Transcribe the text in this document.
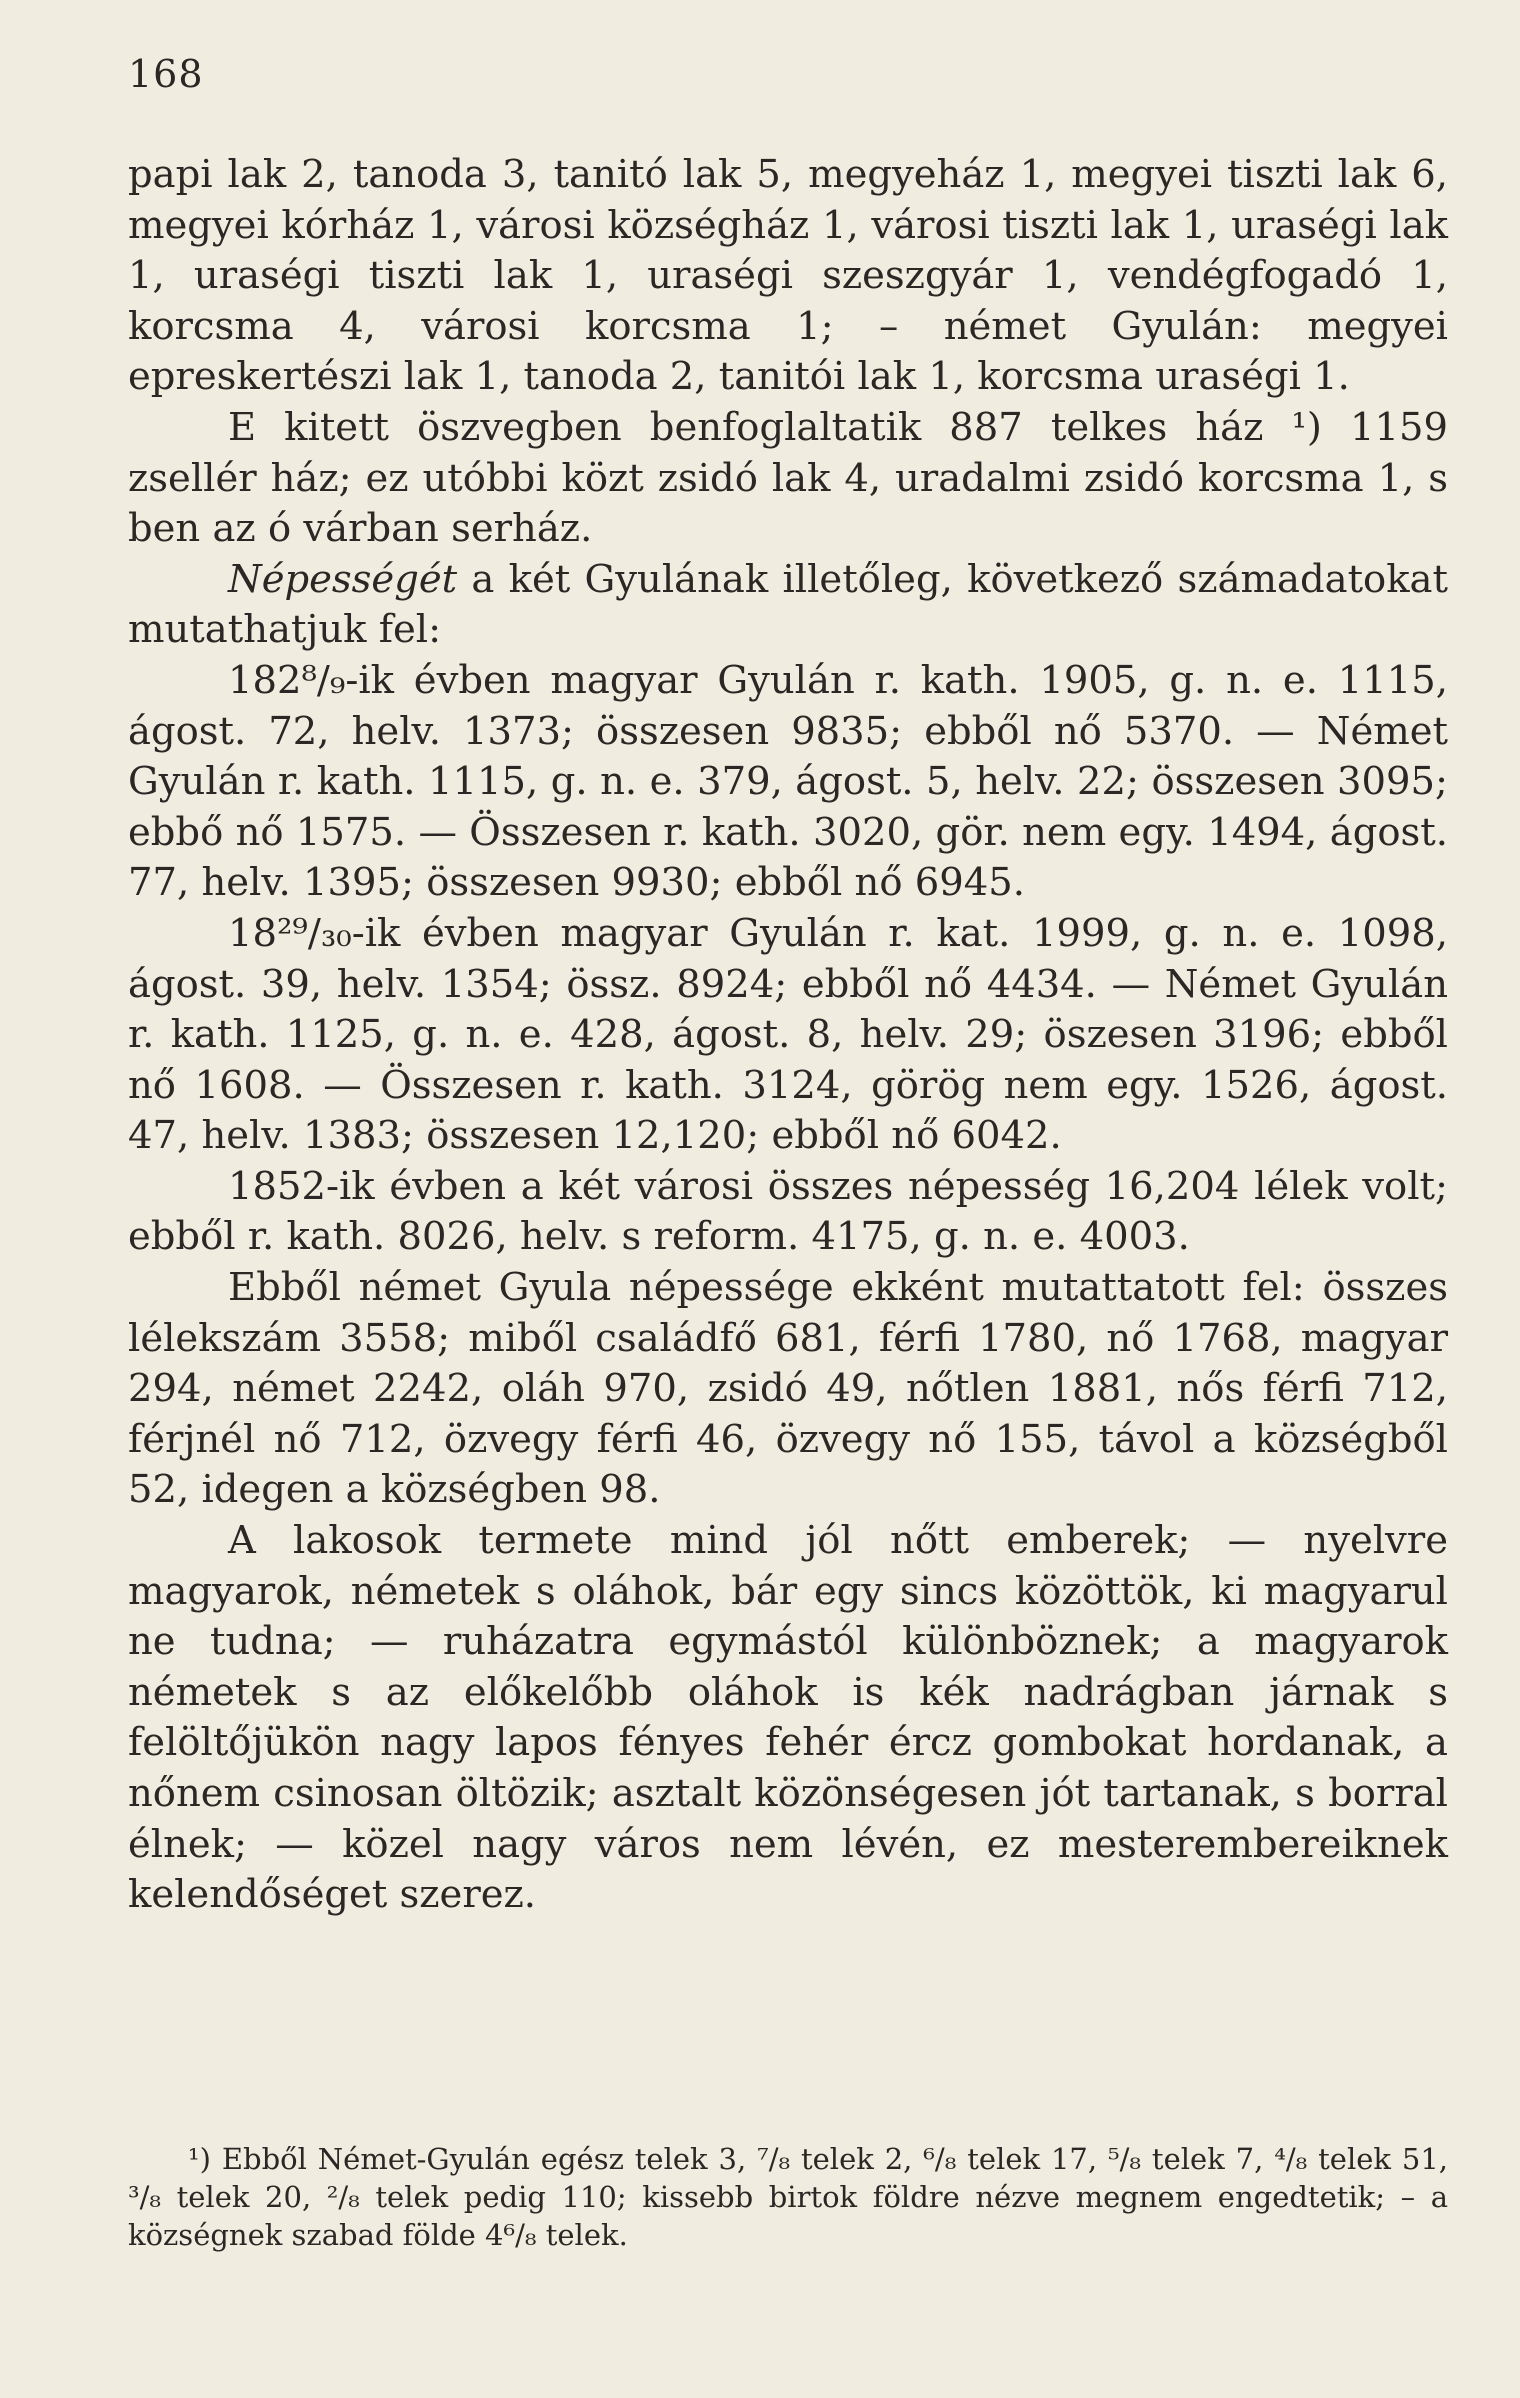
168

papi lak 2, tanoda 3, tanitó lak 5, megyeház 1, megyei tiszti lak 6, megyei kórház 1, városi községház 1, városi tiszti lak 1, uraségi lak 1, uraségi tiszti lak 1, uraségi szeszgyár 1, vendégfogadó 1, korcsma 4, városi korcsma 1; – német Gyulán: megyei epreskertészi lak 1, tanoda 2, tanitói lak 1, korcsma uraségi 1.

E kitett öszvegben benfoglaltatik 887 telkes ház ¹) 1159 zsellér ház; ez utóbbi közt zsidó lak 4, uradalmi zsidó korcsma 1, s ben az ó várban serház.

Népességét a két Gyulának illetőleg, következő számadatokat mutathatjuk fel:

182⁸/₉-ik évben magyar Gyulán r. kath. 1905, g. n. e. 1115, ágost. 72, helv. 1373; összesen 9835; ebből nő 5370. — Német Gyulán r. kath. 1115, g. n. e. 379, ágost. 5, helv. 22; összesen 3095; ebbő nő 1575. — Összesen r. kath. 3020, gör. nem egy. 1494, ágost. 77, helv. 1395; összesen 9930; ebből nő 6945.

18²⁹/₃₀-ik évben magyar Gyulán r. kat. 1999, g. n. e. 1098, ágost. 39, helv. 1354; össz. 8924; ebből nő 4434. — Német Gyulán r. kath. 1125, g. n. e. 428, ágost. 8, helv. 29; öszesen 3196; ebből nő 1608. — Összesen r. kath. 3124, görög nem egy. 1526, ágost. 47, helv. 1383; összesen 12,120; ebből nő 6042.

1852-ik évben a két városi összes népesség 16,204 lélek volt; ebből r. kath. 8026, helv. s reform. 4175, g. n. e. 4003.

Ebből német Gyula népessége ekként mutattatott fel: összes lélekszám 3558; miből családfő 681, férfi 1780, nő 1768, magyar 294, német 2242, oláh 970, zsidó 49, nőtlen 1881, nős férfi 712, férjnél nő 712, özvegy férfi 46, özvegy nő 155, távol a községből 52, idegen a községben 98.

A lakosok termete mind jól nőtt emberek; — nyelvre magyarok, németek s oláhok, bár egy sincs közöttök, ki magyarul ne tudna; — ruházatra egymástól különböznek; a magyarok németek s az előkelőbb oláhok is kék nadrágban járnak s felöltőjükön nagy lapos fényes fehér ércz gombokat hordanak, a nőnem csinosan öltözik; asztalt közönségesen jót tartanak, s borral élnek; — közel nagy város nem lévén, ez mesterembereiknek kelendőséget szerez.

¹) Ebből Német-Gyulán egész telek 3, ⁷/₈ telek 2, ⁶/₈ telek 17, ⁵/₈ telek 7, ⁴/₈ telek 51, ³/₈ telek 20, ²/₈ telek pedig 110; kissebb birtok földre nézve megnem engedtetik; – a községnek szabad földe 4⁶/₈ telek.
